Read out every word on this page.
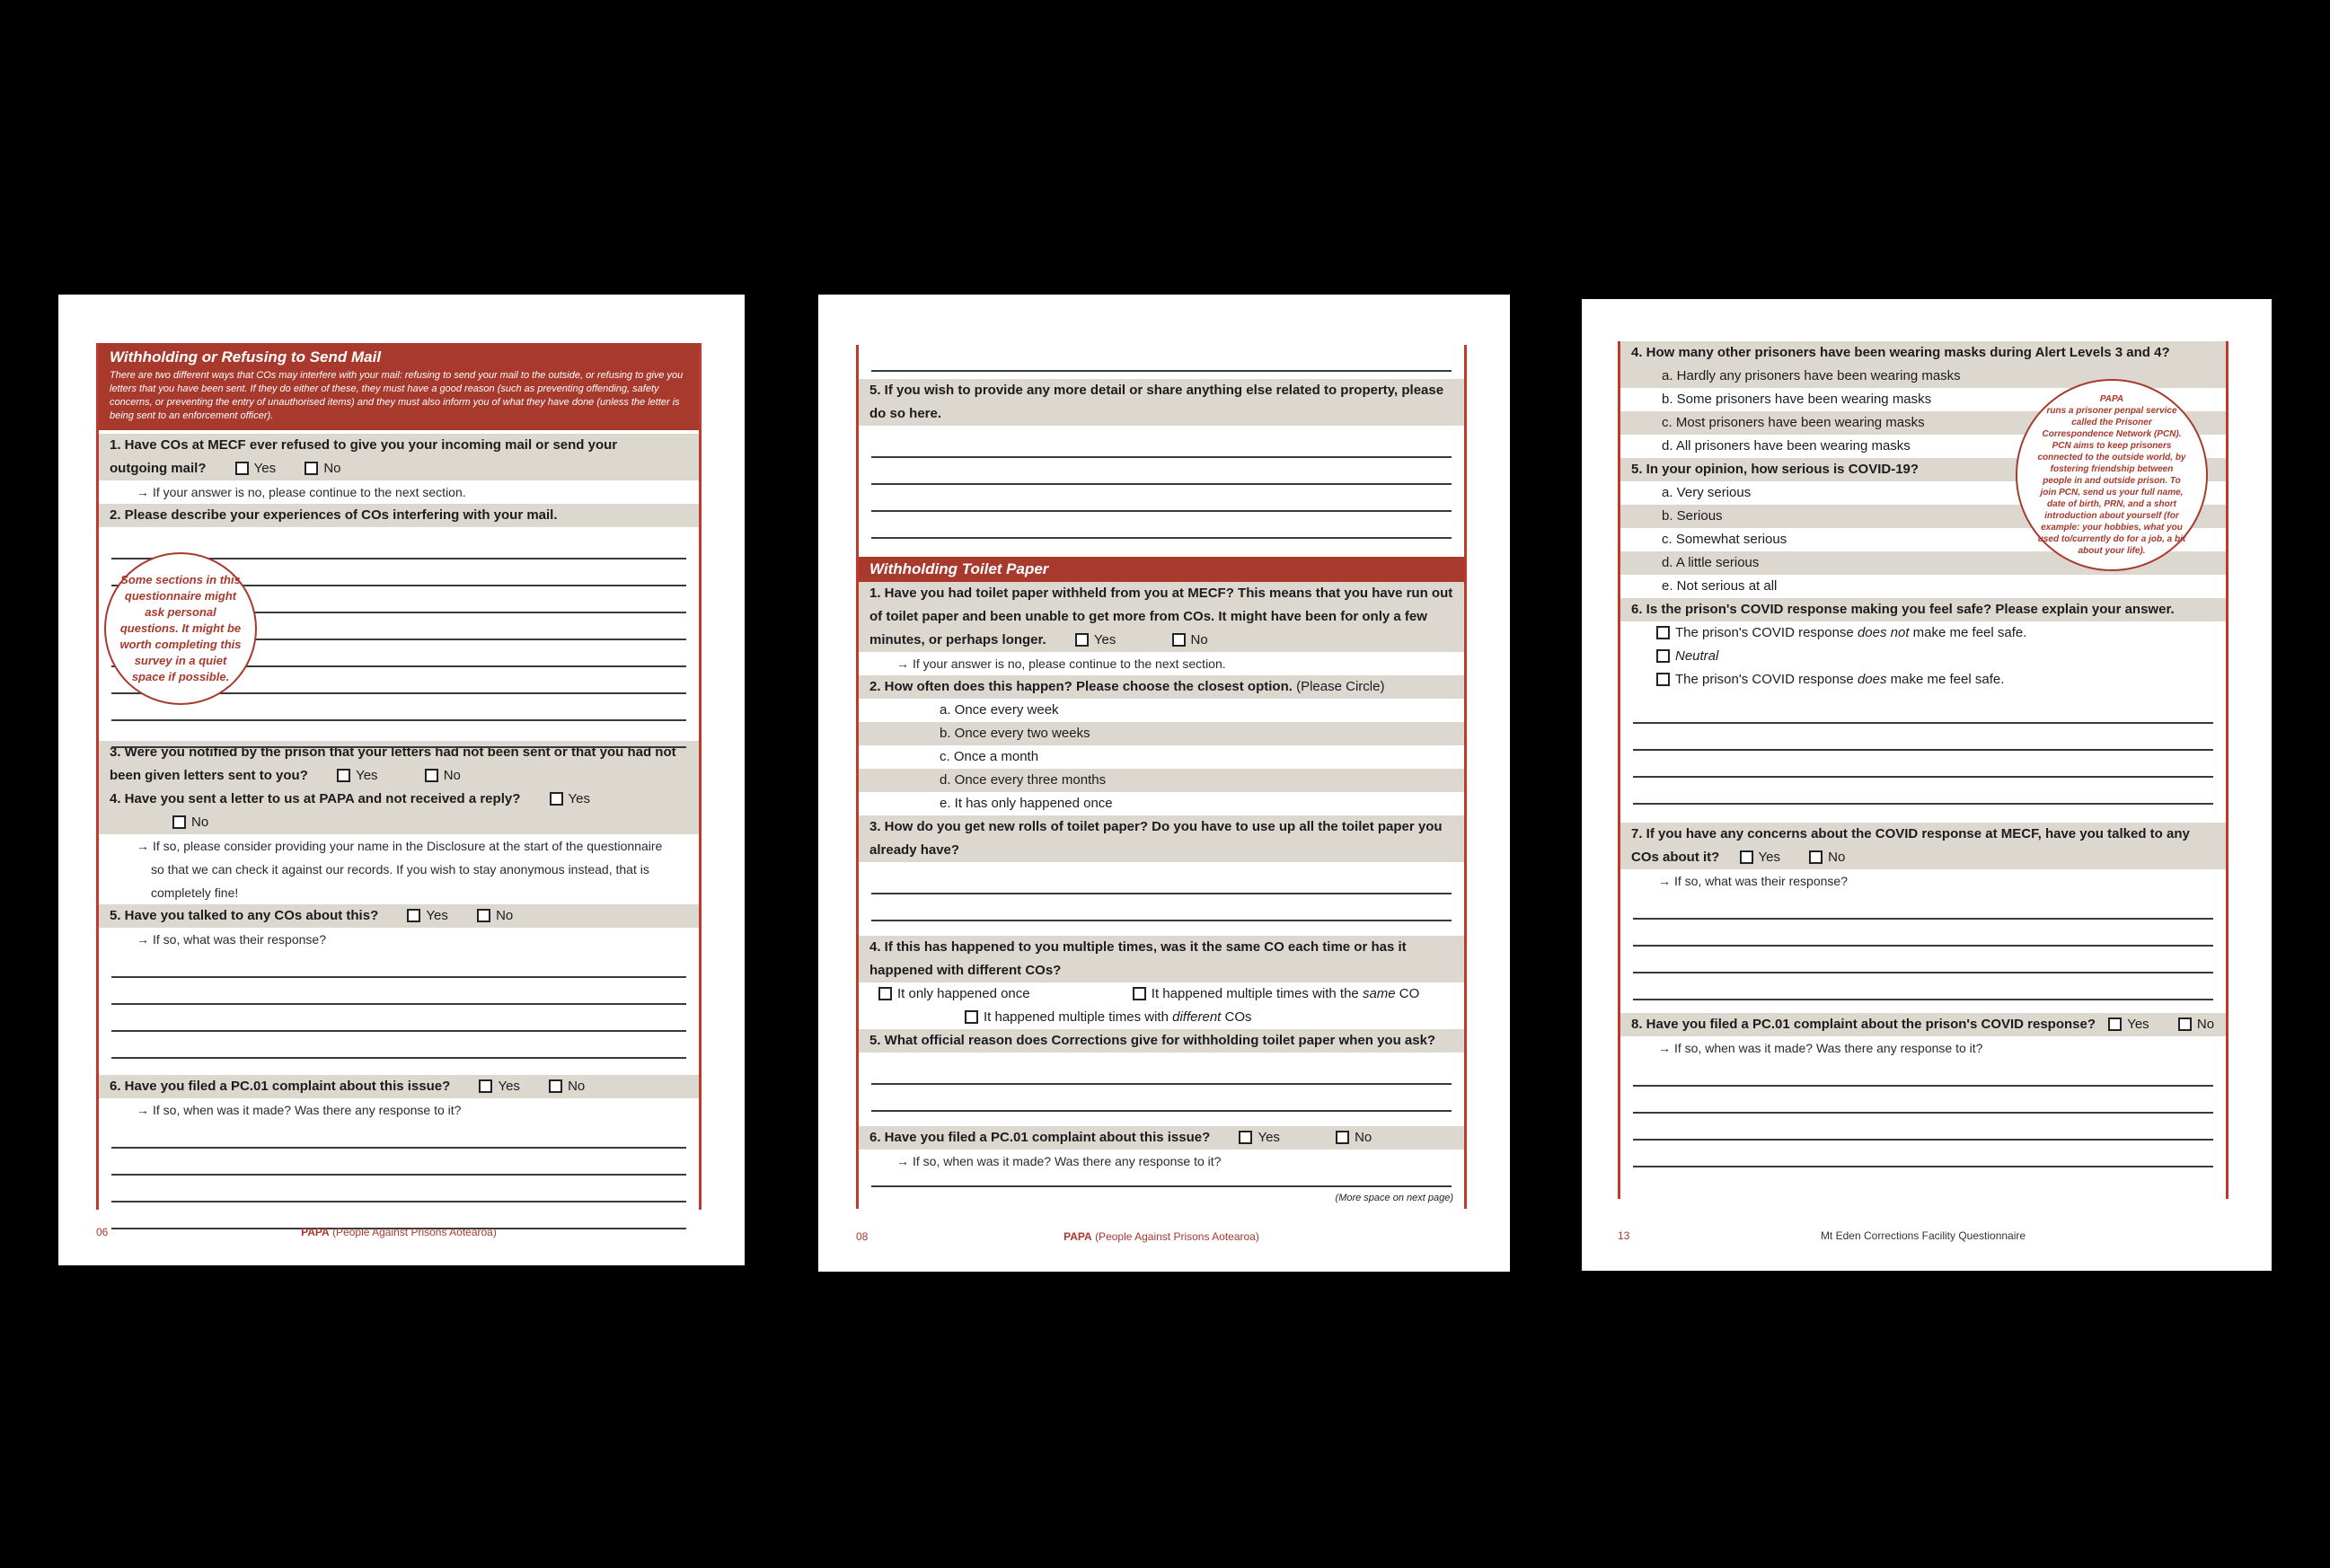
Withholding or Refusing to Send Mail
There are two different ways that COs may interfere with your mail: refusing to send your mail to the outside, or refusing to give you letters that you have been sent. If they do either of these, they must have a good reason (such as preventing offending, safety concerns, or preventing the entry of unauthorised items) and they must also inform you of what they have done (unless the letter is being sent to an enforcement officer).
1. Have COs at MECF ever refused to give you your incoming mail or send your
outgoing mail?	Yes	No
→ If your answer is no, please continue to the next section.
2. Please describe your experiences of COs interfering with your mail.
Some sections in this questionnaire might ask personal questions. It might be worth completing this survey in a quiet space if possible.
3. Were you notified by the prison that your letters had not been sent or that you had not
been given letters sent to you?	Yes	No
4. Have you sent a letter to us at PAPA and not received a reply?	Yes No
→ If so, please consider providing your name in the Disclosure at the start of the questionnaire
so that we can check it against our records. If you wish to stay anonymous instead, that is
completely fine!
5. Have you talked to any COs about this?	Yes	No
→ If so, what was their response?
6. Have you filed a PC.01 complaint about this issue?	Yes	No
→ If so, when was it made? Was there any response to it?
06	PAPA (People Against Prisons Aotearoa)
5. If you wish to provide any more detail or share anything else related to property, please
do so here.
Withholding Toilet Paper
1. Have you had toilet paper withheld from you at MECF? This means that you have run out
of toilet paper and been unable to get more from COs. It might have been for only a few
minutes, or perhaps longer.	Yes	No
→ If your answer is no, please continue to the next section.
2. How often does this happen? Please choose the closest option. (Please Circle)
a. Once every week
b. Once every two weeks
c. Once a month
d. Once every three months
e. It has only happened once
3. How do you get new rolls of toilet paper? Do you have to use up all the toilet paper you
already have?
4. If this has happened to you multiple times, was it the same CO each time or has it
happened with different COs?
It only happened once	It happened multiple times with the same CO
It happened multiple times with different COs
5. What official reason does Corrections give for withholding toilet paper when you ask?
6. Have you filed a PC.01 complaint about this issue?	Yes	No
→ If so, when was it made? Was there any response to it?
(More space on next page)
08	PAPA (People Against Prisons Aotearoa)
4. How many other prisoners have been wearing masks during Alert Levels 3 and 4?
a. Hardly any prisoners have been wearing masks
b. Some prisoners have been wearing masks
c. Most prisoners have been wearing masks
d. All prisoners have been wearing masks
5. In your opinion, how serious is COVID-19?
a. Very serious
b. Serious
c. Somewhat serious
d. A little serious
e. Not serious at all
PAPA
runs a prisoner penpal service called the Prisoner Correspondence Network (PCN). PCN aims to keep prisoners connected to the outside world, by fostering friendship between people in and outside prison. To join PCN, send us your full name, date of birth, PRN, and a short introduction about yourself (for example: your hobbies, what you used to/currently do for a job, a bit about your life).
6. Is the prison's COVID response making you feel safe? Please explain your answer.
The prison's COVID response does not make me feel safe.
Neutral
The prison's COVID response does make me feel safe.
7. If you have any concerns about the COVID response at MECF, have you talked to any
COs about it?	Yes	No
→ If so, what was their response?
8. Have you filed a PC.01 complaint about the prison's COVID response? Yes	No
→ If so, when was it made? Was there any response to it?
13	Mt Eden Corrections Facility Questionnaire
